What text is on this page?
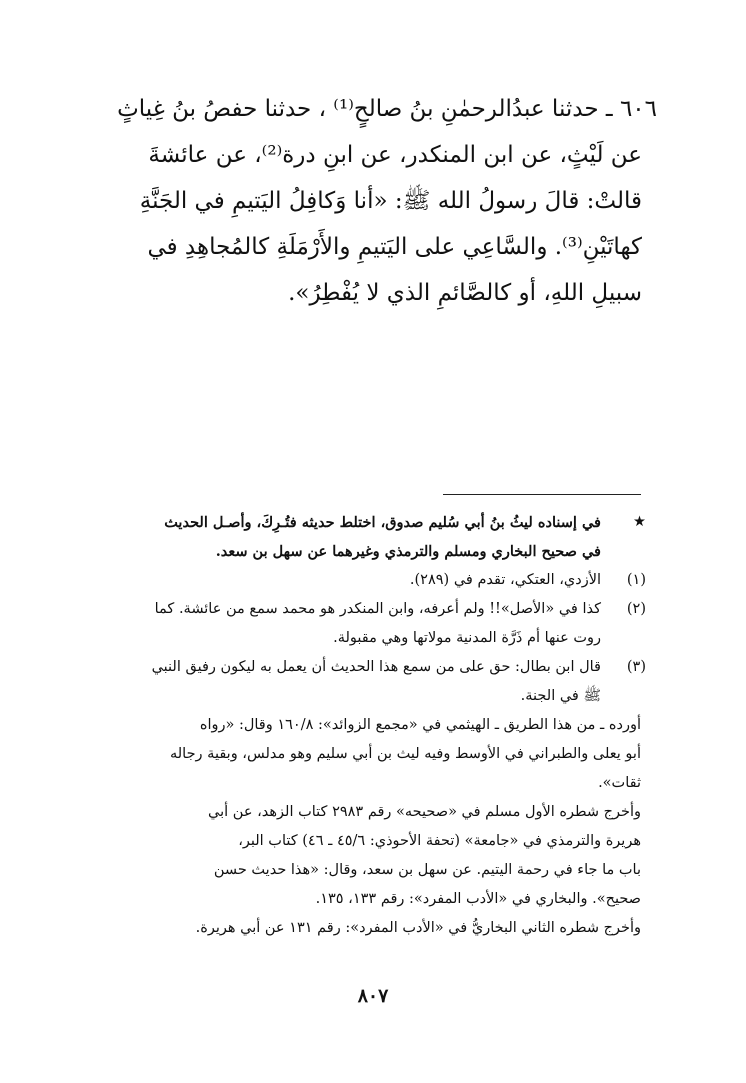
٦٠٦ ـ حدثنا عبدُالرحمٰنِ بنُ صالحٍ⁽¹⁾ ، حدثنا حفصُ بنُ غِياثٍ
عن لَيْثٍ، عن ابن المنكدر، عن ابنِ درة⁽²⁾، عن عائشةَ
قالتْ: قالَ رسولُ الله ﷺ: «أنا وَكافِلُ اليَتيمِ في الجَنَّةِ
كهاتَيْنِ⁽³⁾. والسَّاعِي على اليَتيمِ والأَرْمَلَةِ كالمُجاهِدِ في
سبيلِ اللهِ، أو كالصَّائمِ الذي لا يُفْطِرُ».
★
في إسناده ليثُ بنُ أبي سُليم صدوق، اختلط حديثه فتُـرِكَ، وأصـل الحديث
في صحيح البخاري ومسلم والترمذي وغيرهما عن سهل بن سعد.
(١)
الأزدي، العتكي، تقدم في (٢٨٩).
(٢)
كذا في «الأصل»!! ولم أعرفه، وابن المنكدر هو محمد سمع من عائشة. كما
روت عنها أم ذَرَّة المدنية مولاتها وهي مقبولة.
(٣)
قال ابن بطال: حق على من سمع هذا الحديث أن يعمل به ليكون رفيق النبي
ﷺ في الجنة.
أورده ـ من هذا الطريق ـ الهيثمي في «مجمع الزوائد»: ١٦٠/٨ وقال: «رواه
أبو يعلى والطبراني في الأوسط وفيه ليث بن أبي سليم وهو مدلس، وبقية رجاله
ثقات».
وأخرج شطره الأول مسلم في «صحيحه» رقم ٢٩٨٣ كتاب الزهد، عن أبي
هريرة والترمذي في «جامعة» (تحفة الأحوذي: ٤٥/٦ ـ ٤٦) كتاب البر،
باب ما جاء في رحمة اليتيم. عن سهل بن سعد، وقال: «هذا حديث حسن
صحيح». والبخاري في «الأدب المفرد»: رقم ١٣٣، ١٣٥.
وأخرج شطره الثاني البخاريُّ في «الأدب المفرد»: رقم ١٣١ عن أبي هريرة.
٨٠٧
